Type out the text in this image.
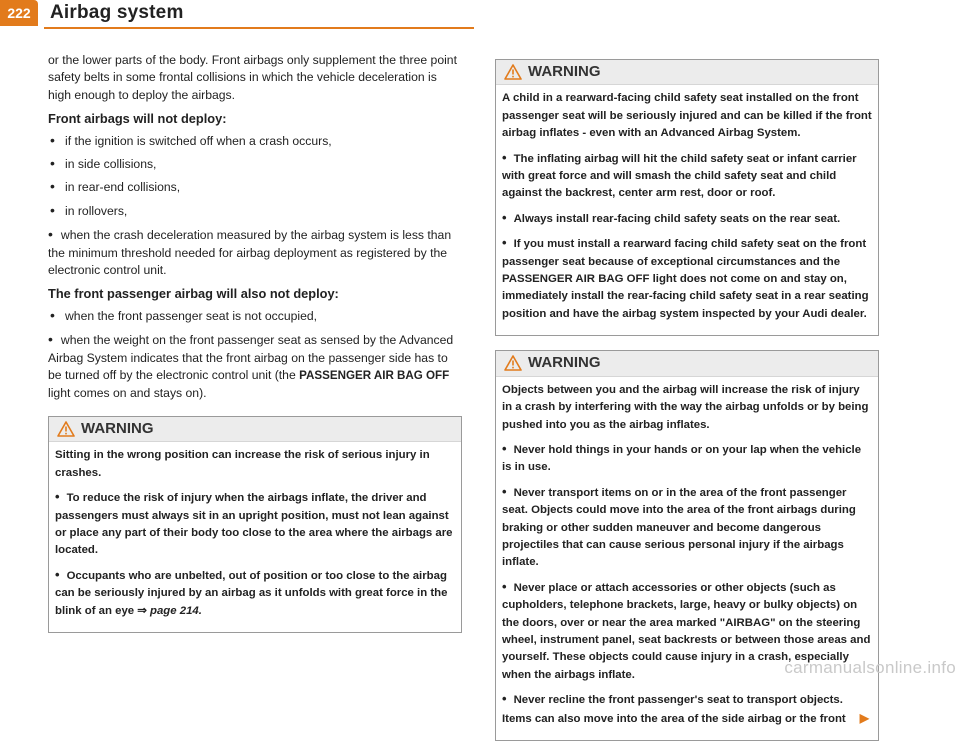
222	Airbag system

or the lower parts of the body. Front airbags only supplement the three point safety belts in some frontal collisions in which the vehicle deceleration is high enough to deploy the airbags.

Front airbags will not deploy:
• if the ignition is switched off when a crash occurs,
• in side collisions,
• in rear-end collisions,
• in rollovers,
• when the crash deceleration measured by the airbag system is less than the minimum threshold needed for airbag deployment as registered by the electronic control unit.
The front passenger airbag will also not deploy:
• when the front passenger seat is not occupied,
• when the weight on the front passenger seat as sensed by the Advanced Airbag System indicates that the front airbag on the passenger side has to be turned off by the electronic control unit (the PASSENGER AIR BAG OFF light comes on and stays on).
WARNING

Sitting in the wrong position can increase the risk of serious injury in crashes.

• To reduce the risk of injury when the airbags inflate, the driver and passengers must always sit in an upright position, must not lean against or place any part of their body too close to the area where the airbags are located.

• Occupants who are unbelted, out of position or too close to the airbag can be seriously injured by an airbag as it unfolds with great force in the blink of an eye ⇒ page 214.

WARNING

A child in a rearward-facing child safety seat installed on the front passenger seat will be seriously injured and can be killed if the front airbag inflates - even with an Advanced Airbag System.

• The inflating airbag will hit the child safety seat or infant carrier with great force and will smash the child safety seat and child against the backrest, center arm rest, door or roof.

• Always install rear-facing child safety seats on the rear seat.

• If you must install a rearward facing child safety seat on the front passenger seat because of exceptional circumstances and the PASSENGER AIR BAG OFF light does not come on and stay on, immediately install the rear-facing child safety seat in a rear seating position and have the airbag system inspected by your Audi dealer.

WARNING

Objects between you and the airbag will increase the risk of injury in a crash by interfering with the way the airbag unfolds or by being pushed into you as the airbag inflates.

• Never hold things in your hands or on your lap when the vehicle is in use.

• Never transport items on or in the area of the front passenger seat. Objects could move into the area of the front airbags during braking or other sudden maneuver and become dangerous projectiles that can cause serious personal injury if the airbags inflate.

• Never place or attach accessories or other objects (such as cupholders, telephone brackets, large, heavy or bulky objects) on the doors, over or near the area marked "AIRBAG" on the steering wheel, instrument panel, seat backrests or between those areas and yourself. These objects could cause injury in a crash, especially when the airbags inflate.

• Never recline the front passenger's seat to transport objects. Items can also move into the area of the side airbag or the front ▶

carmanualsonline.info
